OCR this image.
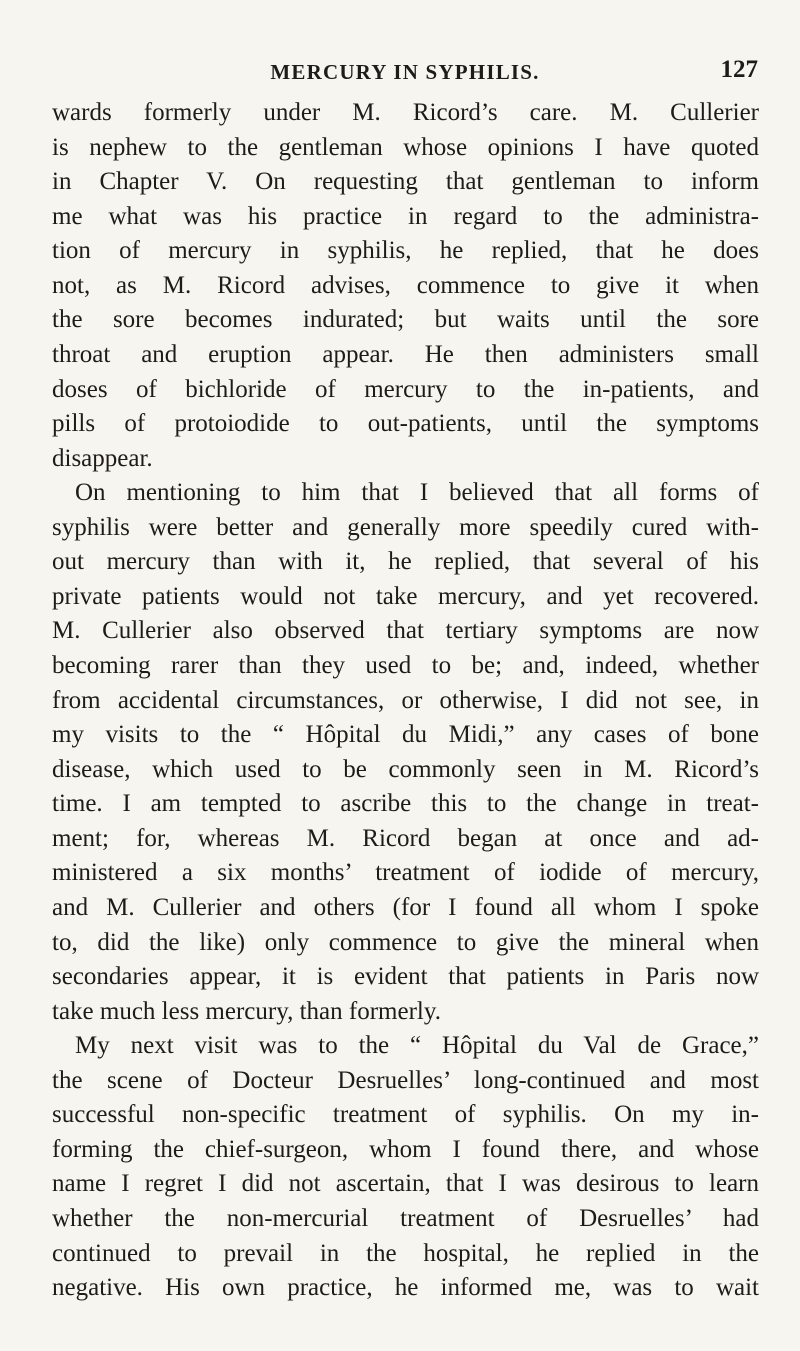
MERCURY IN SYPHILIS.	127

wards formerly under M. Ricord’s care. M. Cullerier
is nephew to the gentleman whose opinions I have quoted
in Chapter V. On requesting that gentleman to inform
me what was his practice in regard to the administra-
tion of mercury in syphilis, he replied, that he does
not, as M. Ricord advises, commence to give it when
the sore becomes indurated; but waits until the sore
throat and eruption appear. He then administers small
doses of bichloride of mercury to the in-patients, and
pills of protoiodide to out-patients, until the symptoms
disappear.

On mentioning to him that I believed that all forms of
syphilis were better and generally more speedily cured with-
out mercury than with it, he replied, that several of his
private patients would not take mercury, and yet recovered.
M. Cullerier also observed that tertiary symptoms are now
becoming rarer than they used to be; and, indeed, whether
from accidental circumstances, or otherwise, I did not see, in
my visits to the “ Hôpital du Midi,” any cases of bone
disease, which used to be commonly seen in M. Ricord’s
time. I am tempted to ascribe this to the change in treat-
ment; for, whereas M. Ricord began at once and ad-
ministered a six months’ treatment of iodide of mercury,
and M. Cullerier and others (for I found all whom I spoke
to, did the like) only commence to give the mineral when
secondaries appear, it is evident that patients in Paris now
take much less mercury, than formerly.

My next visit was to the “ Hôpital du Val de Grace,”
the scene of Docteur Desruelles’ long-continued and most
successful non-specific treatment of syphilis. On my in-
forming the chief-surgeon, whom I found there, and whose
name I regret I did not ascertain, that I was desirous to learn
whether the non-mercurial treatment of Desruelles’ had
continued to prevail in the hospital, he replied in the
negative. His own practice, he informed me, was to wait
